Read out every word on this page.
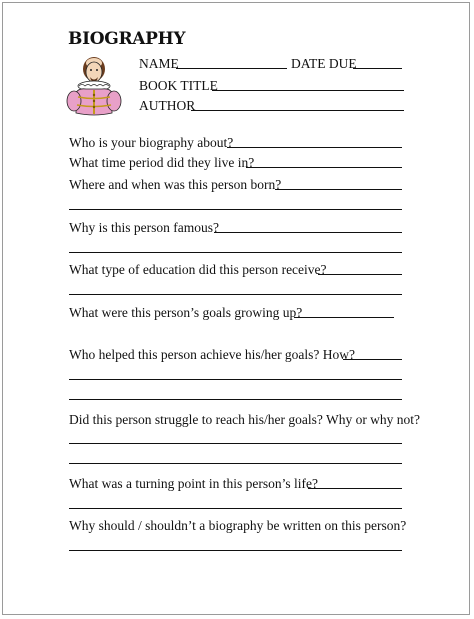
BIOGRAPHY
NAME	DATE DUE
BOOK TITLE
AUTHOR
Who is your biography about?
What time period did they live in?
Where and when was this person born?
Why is this person famous?
What type of education did this person receive?
What were this person’s goals growing up?
Who helped this person achieve his/her goals? How?
Did this person struggle to reach his/her goals? Why or why not?
What was a turning point in this person’s life?
Why should / shouldn’t a biography be written on this person?
